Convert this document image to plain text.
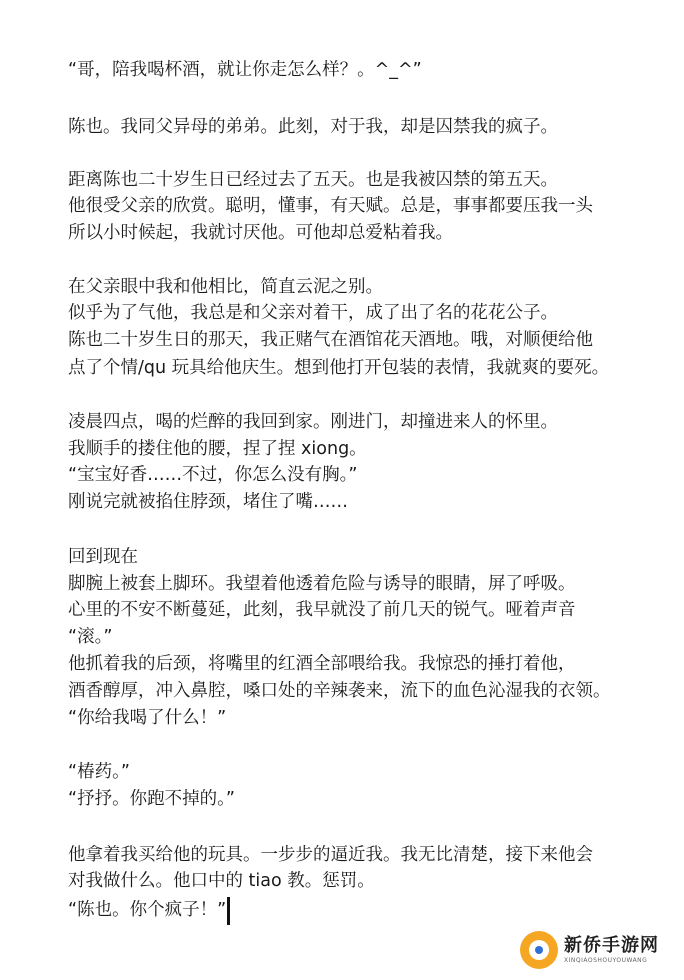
“哥，陪我喝杯酒，就让你走怎么样？。^_^”
陈也。我同父异母的弟弟。此刻，对于我，却是囚禁我的疯子。
距离陈也二十岁生日已经过去了五天。也是我被囚禁的第五天。
他很受父亲的欣赏。聪明，懂事，有天赋。总是，事事都要压我一头
所以小时候起，我就讨厌他。可他却总爱粘着我。
在父亲眼中我和他相比，简直云泥之别。
似乎为了气他，我总是和父亲对着干，成了出了名的花花公子。
陈也二十岁生日的那天，我正赌气在酒馆花天酒地。哦，对顺便给他
点了个情/qu 玩具给他庆生。想到他打开包装的表情，我就爽的要死。
凌晨四点，喝的烂醉的我回到家。刚进门，却撞进来人的怀里。
我顺手的搂住他的腰，捏了捏 xiong。
“宝宝好香……不过，你怎么没有胸。”
刚说完就被掐住脖颈，堵住了嘴……
回到现在
脚腕上被套上脚环。我望着他透着危险与诱导的眼睛，屏了呼吸。
心里的不安不断蔓延，此刻，我早就没了前几天的锐气。哑着声音
“滚。”
他抓着我的后颈，将嘴里的红酒全部喂给我。我惊恐的捶打着他，
酒香醇厚，冲入鼻腔，嗓口处的辛辣袭来，流下的血色沁湿我的衣领。
“你给我喝了什么！”
“椿药。”
“抒抒。你跑不掉的。”
他拿着我买给他的玩具。一步步的逼近我。我无比清楚，接下来他会
对我做什么。他口中的 tiao 教。惩罚。
“陈也。你个疯子！”
新侨手游网
XINQIAOSHOUYOUWANG
